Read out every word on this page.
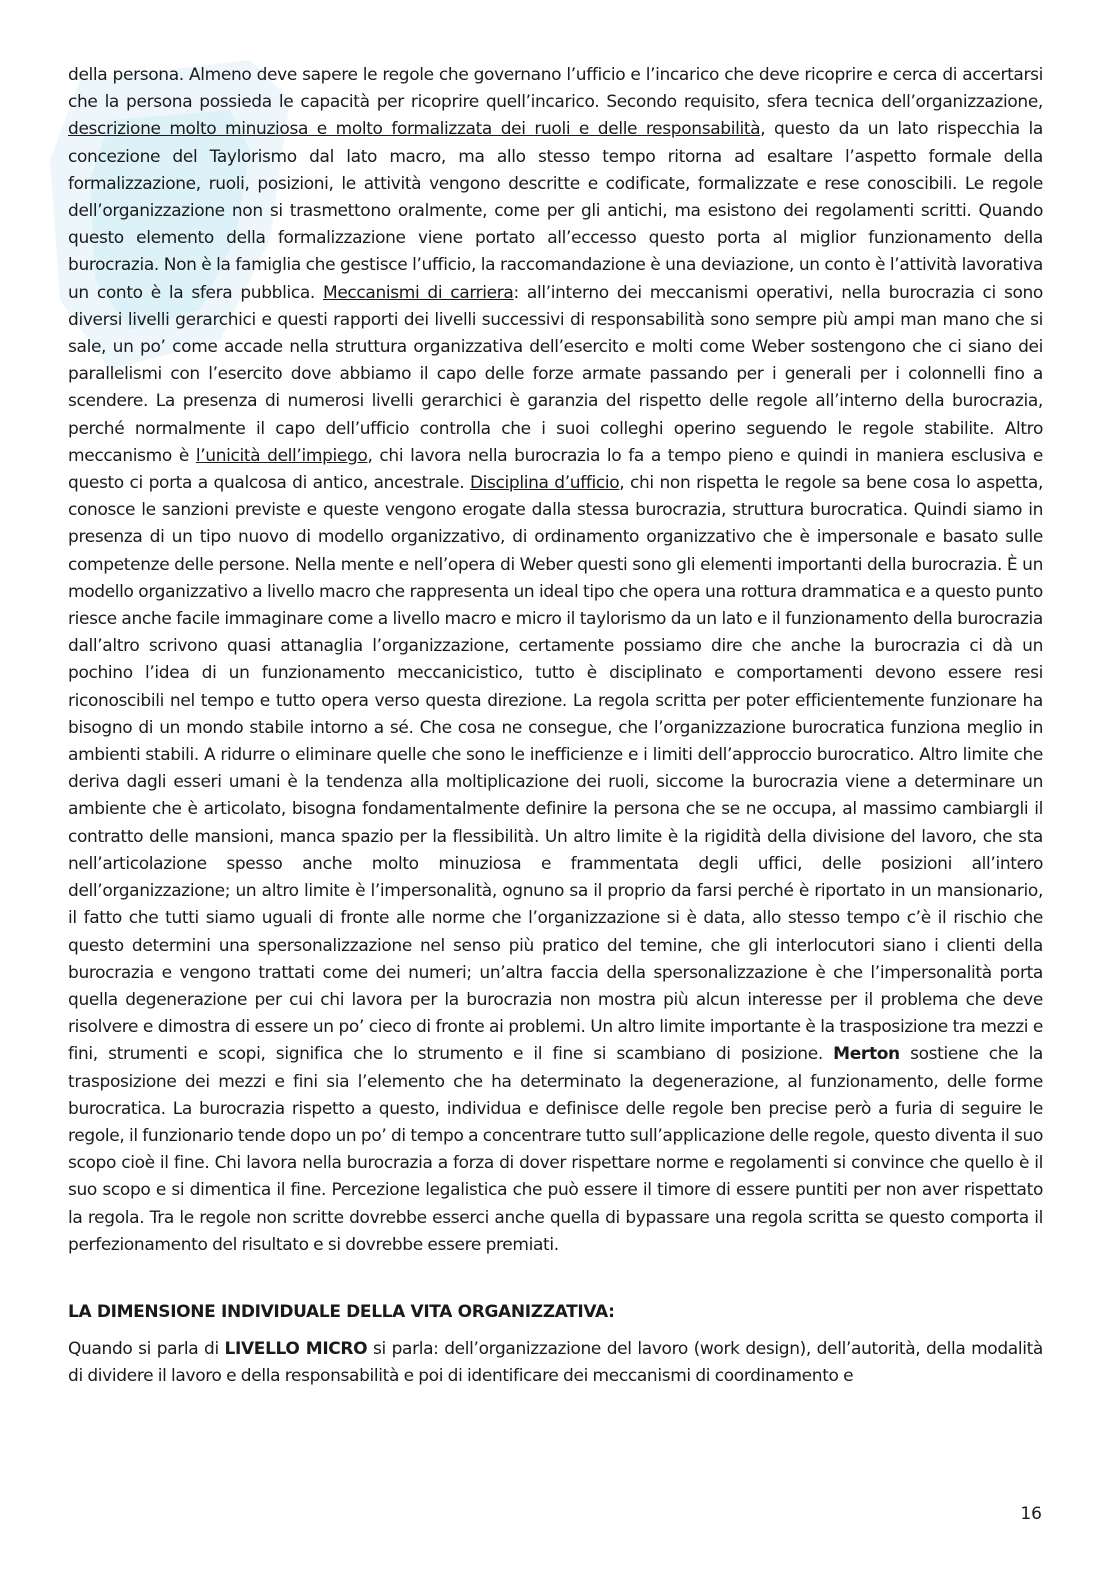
della persona. Almeno deve sapere le regole che governano l’ufficio e l’incarico che deve ricoprire e cerca di accertarsi che la persona possieda le capacità per ricoprire quell’incarico. Secondo requisito, sfera tecnica dell’organizzazione, descrizione molto minuziosa e molto formalizzata dei ruoli e delle responsabilità, questo da un lato rispecchia la concezione del Taylorismo dal lato macro, ma allo stesso tempo ritorna ad esaltare l’aspetto formale della formalizzazione, ruoli, posizioni, le attività vengono descritte e codificate, formalizzate e rese conoscibili. Le regole dell’organizzazione non si trasmettono oralmente, come per gli antichi, ma esistono dei regolamenti scritti. Quando questo elemento della formalizzazione viene portato all’eccesso questo porta al miglior funzionamento della burocrazia. Non è la famiglia che gestisce l’ufficio, la raccomandazione è una deviazione, un conto è l’attività lavorativa un conto è la sfera pubblica. Meccanismi di carriera: all’interno dei meccanismi operativi, nella burocrazia ci sono diversi livelli gerarchici e questi rapporti dei livelli successivi di responsabilità sono sempre più ampi man mano che si sale, un po’ come accade nella struttura organizzativa dell’esercito e molti come Weber sostengono che ci siano dei parallelismi con l’esercito dove abbiamo il capo delle forze armate passando per i generali per i colonnelli fino a scendere. La presenza di numerosi livelli gerarchici è garanzia del rispetto delle regole all’interno della burocrazia, perché normalmente il capo dell’ufficio controlla che i suoi colleghi operino seguendo le regole stabilite. Altro meccanismo è l’unicità dell’impiego, chi lavora nella burocrazia lo fa a tempo pieno e quindi in maniera esclusiva e questo ci porta a qualcosa di antico, ancestrale. Disciplina d’ufficio, chi non rispetta le regole sa bene cosa lo aspetta, conosce le sanzioni previste e queste vengono erogate dalla stessa burocrazia, struttura burocratica. Quindi siamo in presenza di un tipo nuovo di modello organizzativo, di ordinamento organizzativo che è impersonale e basato sulle competenze delle persone. Nella mente e nell’opera di Weber questi sono gli elementi importanti della burocrazia. È un modello organizzativo a livello macro che rappresenta un ideal tipo che opera una rottura drammatica e a questo punto riesce anche facile immaginare come a livello macro e micro il taylorismo da un lato e il funzionamento della burocrazia dall’altro scrivono quasi attanaglia l’organizzazione, certamente possiamo dire che anche la burocrazia ci dà un pochino l’idea di un funzionamento meccanicistico, tutto è disciplinato e comportamenti devono essere resi riconoscibili nel tempo e tutto opera verso questa direzione. La regola scritta per poter efficientemente funzionare ha bisogno di un mondo stabile intorno a sé. Che cosa ne consegue, che l’organizzazione burocratica funziona meglio in ambienti stabili. A ridurre o eliminare quelle che sono le inefficienze e i limiti dell’approccio burocratico. Altro limite che deriva dagli esseri umani è la tendenza alla moltiplicazione dei ruoli, siccome la burocrazia viene a determinare un ambiente che è articolato, bisogna fondamentalmente definire la persona che se ne occupa, al massimo cambiargli il contratto delle mansioni, manca spazio per la flessibilità. Un altro limite è la rigidità della divisione del lavoro, che sta nell’articolazione spesso anche molto minuziosa e frammentata degli uffici, delle posizioni all’intero dell’organizzazione; un altro limite è l’impersonalità, ognuno sa il proprio da farsi perché è riportato in un mansionario, il fatto che tutti siamo uguali di fronte alle norme che l’organizzazione si è data, allo stesso tempo c’è il rischio che questo determini una spersonalizzazione nel senso più pratico del temine, che gli interlocutori siano i clienti della burocrazia e vengono trattati come dei numeri; un’altra faccia della spersonalizzazione è che l’impersonalità porta quella degenerazione per cui chi lavora per la burocrazia non mostra più alcun interesse per il problema che deve risolvere e dimostra di essere un po’ cieco di fronte ai problemi. Un altro limite importante è la trasposizione tra mezzi e fini, strumenti e scopi, significa che lo strumento e il fine si scambiano di posizione. Merton sostiene che la trasposizione dei mezzi e fini sia l’elemento che ha determinato la degenerazione, al funzionamento, delle forme burocratica. La burocrazia rispetto a questo, individua e definisce delle regole ben precise però a furia di seguire le regole, il funzionario tende dopo un po’ di tempo a concentrare tutto sull’applicazione delle regole, questo diventa il suo scopo cioè il fine. Chi lavora nella burocrazia a forza di dover rispettare norme e regolamenti si convince che quello è il suo scopo e si dimentica il fine. Percezione legalistica che può essere il timore di essere puntiti per non aver rispettato la regola. Tra le regole non scritte dovrebbe esserci anche quella di bypassare una regola scritta se questo comporta il perfezionamento del risultato e si dovrebbe essere premiati.

LA DIMENSIONE INDIVIDUALE DELLA VITA ORGANIZZATIVA:

Quando si parla di LIVELLO MICRO si parla: dell’organizzazione del lavoro (work design), dell’autorità, della modalità di dividere il lavoro e della responsabilità e poi di identificare dei meccanismi di coordinamento e

16
